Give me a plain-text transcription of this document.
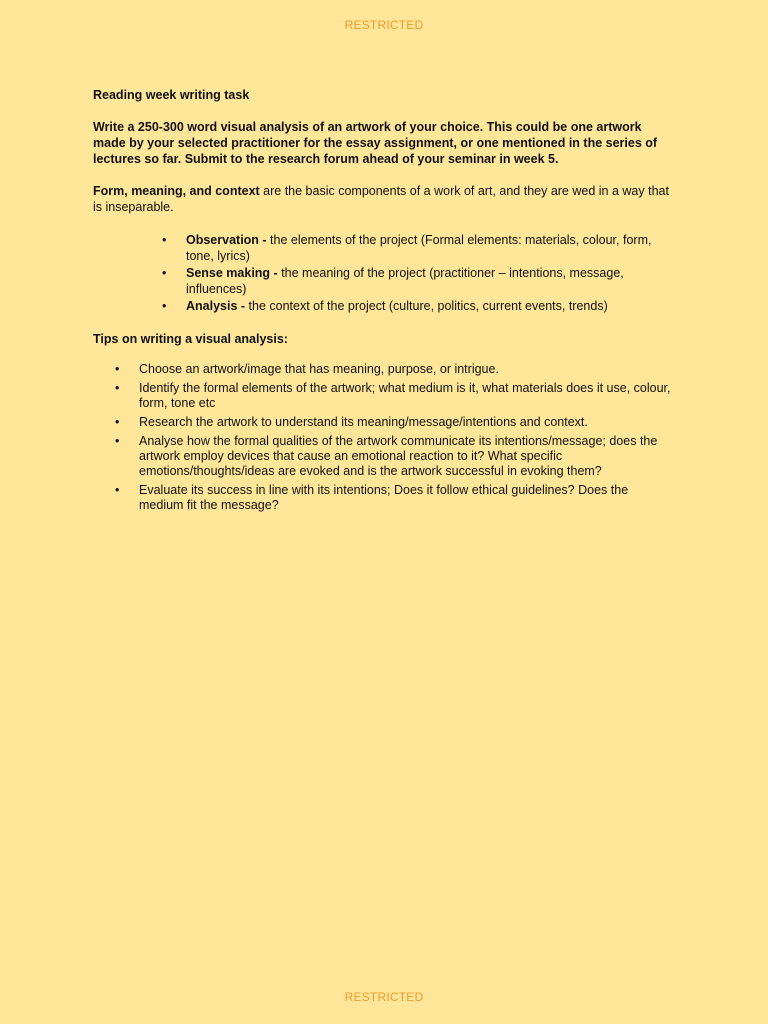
RESTRICTED

Reading week writing task

Write a 250-300 word visual analysis of an artwork of your choice. This could be one artwork made by your selected practitioner for the essay assignment, or one mentioned in the series of lectures so far. Submit to the research forum ahead of your seminar in week 5.

Form, meaning, and context are the basic components of a work of art, and they are wed in a way that is inseparable.

• Observation - the elements of the project (Formal elements: materials, colour, form, tone, lyrics)
• Sense making - the meaning of the project (practitioner – intentions, message, influences)
• Analysis - the context of the project (culture, politics, current events, trends)

Tips on writing a visual analysis:

• Choose an artwork/image that has meaning, purpose, or intrigue.
• Identify the formal elements of the artwork; what medium is it, what materials does it use, colour, form, tone etc
• Research the artwork to understand its meaning/message/intentions and context.
• Analyse how the formal qualities of the artwork communicate its intentions/message; does the artwork employ devices that cause an emotional reaction to it? What specific emotions/thoughts/ideas are evoked and is the artwork successful in evoking them?
• Evaluate its success in line with its intentions; Does it follow ethical guidelines? Does the medium fit the message?
RESTRICTED
